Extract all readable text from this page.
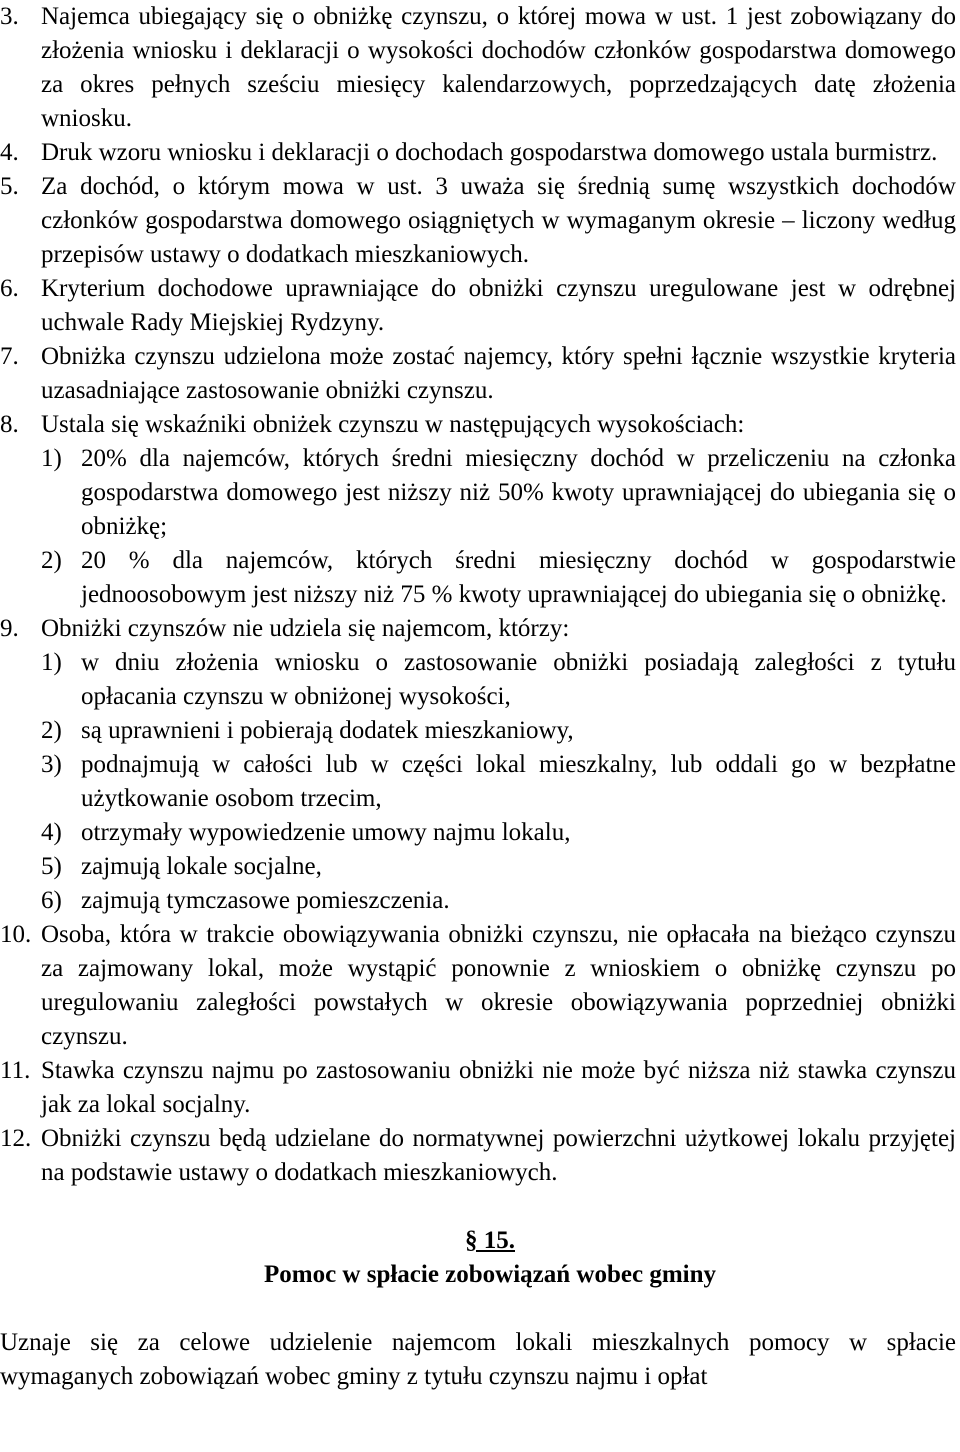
3. Najemca ubiegający się o obniżkę czynszu, o której mowa w ust. 1 jest zobowiązany do złożenia wniosku i deklaracji o wysokości dochodów członków gospodarstwa domowego za okres pełnych sześciu miesięcy kalendarzowych, poprzedzających datę złożenia wniosku.
4. Druk wzoru wniosku i deklaracji o dochodach gospodarstwa domowego ustala burmistrz.
5. Za dochód, o którym mowa w ust. 3 uważa się średnią sumę wszystkich dochodów członków gospodarstwa domowego osiągniętych w wymaganym okresie – liczony według przepisów ustawy o dodatkach mieszkaniowych.
6. Kryterium dochodowe uprawniające do obniżki czynszu uregulowane jest w odrębnej uchwale Rady Miejskiej Rydzyny.
7. Obniżka czynszu udzielona może zostać najemcy, który spełni łącznie wszystkie kryteria uzasadniające zastosowanie obniżki czynszu.
8. Ustala się wskaźniki obniżek czynszu w następujących wysokościach:
1) 20% dla najemców, których średni miesięczny dochód w przeliczeniu na członka gospodarstwa domowego jest niższy niż 50% kwoty uprawniającej do ubiegania się o obniżkę;
2) 20 % dla najemców, których średni miesięczny dochód w gospodarstwie jednoosobowym jest niższy niż 75 % kwoty uprawniającej do ubiegania się o obniżkę.
9. Obniżki czynszów nie udziela się najemcom, którzy:
1) w dniu złożenia wniosku o zastosowanie obniżki posiadają zaległości z tytułu opłacania czynszu w obniżonej wysokości,
2) są uprawnieni i pobierają dodatek mieszkaniowy,
3) podnajmują w całości lub w części lokal mieszkalny, lub oddali go w bezpłatne użytkowanie osobom trzecim,
4) otrzymały wypowiedzenie umowy najmu lokalu,
5) zajmują lokale socjalne,
6) zajmują tymczasowe pomieszczenia.
10. Osoba, która w trakcie obowiązywania obniżki czynszu, nie opłacała na bieżąco czynszu za zajmowany lokal, może wystąpić ponownie z wnioskiem o obniżkę czynszu po uregulowaniu zaległości powstałych w okresie obowiązywania poprzedniej obniżki czynszu.
11. Stawka czynszu najmu po zastosowaniu obniżki nie może być niższa niż stawka czynszu jak za lokal socjalny.
12. Obniżki czynszu będą udzielane do normatywnej powierzchni użytkowej lokalu przyjętej na podstawie ustawy o dodatkach mieszkaniowych.
§ 15.
Pomoc w spłacie zobowiązań wobec gminy
Uznaje się za celowe udzielenie najemcom lokali mieszkalnych pomocy w spłacie wymaganych zobowiązań wobec gminy z tytułu czynszu najmu i opłat
